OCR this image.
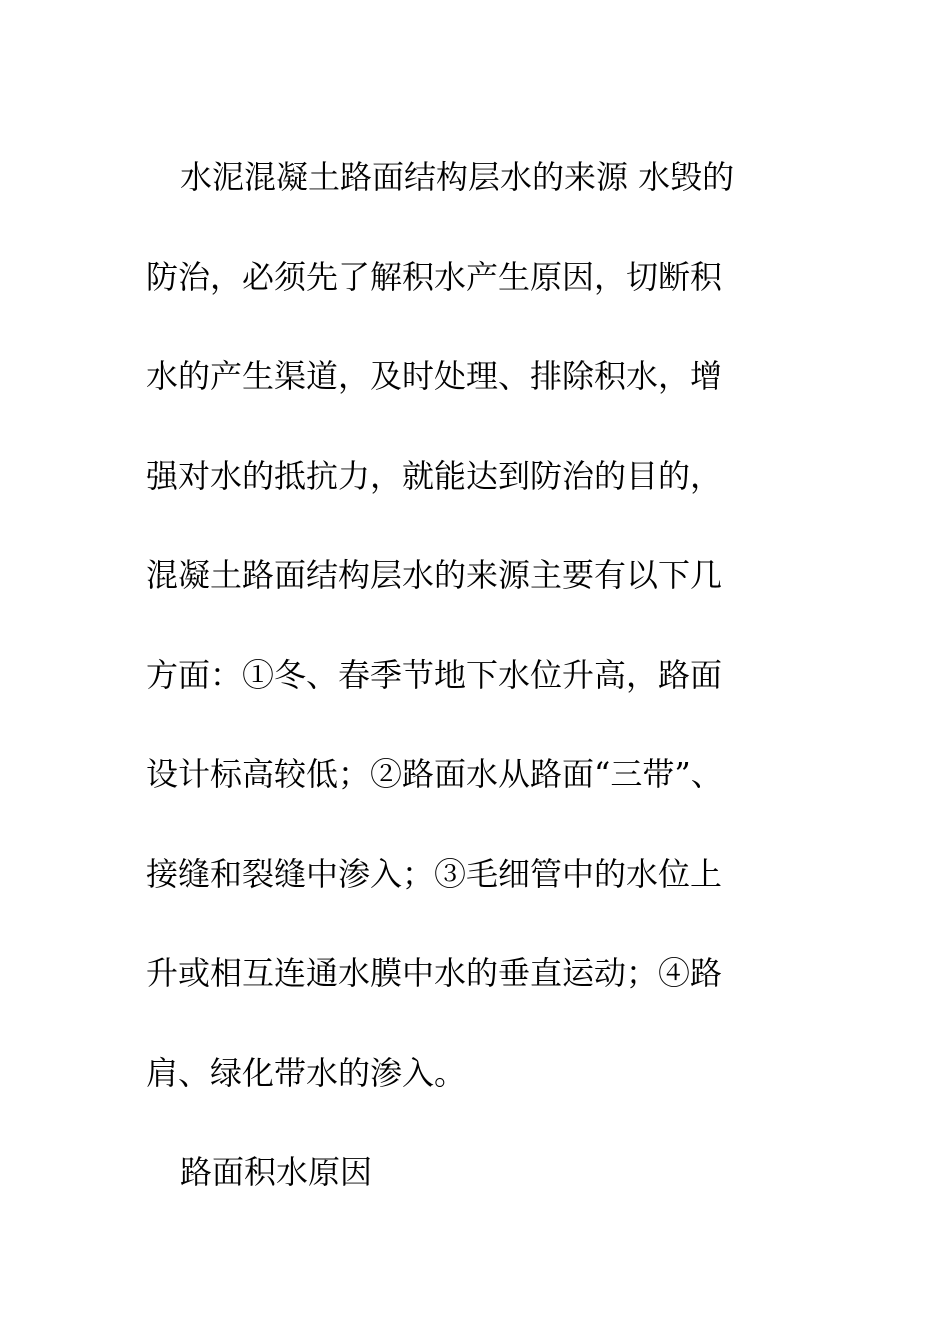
水泥混凝土路面结构层水的来源 水毁的
防治，必须先了解积水产生原因，切断积
水的产生渠道，及时处理、排除积水，增
强对水的抵抗力，就能达到防治的目的，
混凝土路面结构层水的来源主要有以下几
方面：①冬、春季节地下水位升高，路面
设计标高较低；②路面水从路面“三带”、
接缝和裂缝中渗入；③毛细管中的水位上
升或相互连通水膜中水的垂直运动；④路
肩、绿化带水的渗入。
路面积水原因
